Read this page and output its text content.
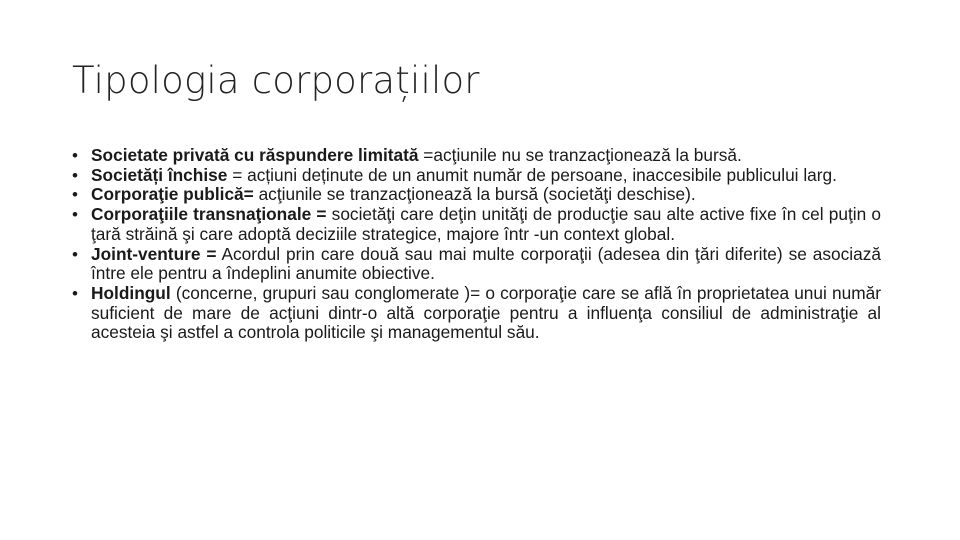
Tipologia corporațiilor
• Societate privată cu răspundere limitată =acţiunile nu se tranzacţionează la bursă.
• Societăți închise = acțiuni deținute de un anumit număr de persoane, inaccesibile publicului larg.
• Corporaţie publică= acţiunile se tranzacţionează la bursă (societăţi deschise).
• Corporaţiile transnaţionale = societăţi care deţin unităţi de producţie sau alte active fixe în cel puţin o ţară străină şi care adoptă deciziile strategice, majore într -un context global.
• Joint-venture = Acordul prin care două sau mai multe corporaţii (adesea din ţări diferite) se asociază între ele pentru a îndeplini anumite obiective.
• Holdingul (concerne, grupuri sau conglomerate )= o corporaţie care se află în proprietatea unui număr suficient de mare de acţiuni dintr-o altă corporaţie pentru a influenţa consiliul de administraţie al acesteia şi astfel a controla politicile şi managementul său.
